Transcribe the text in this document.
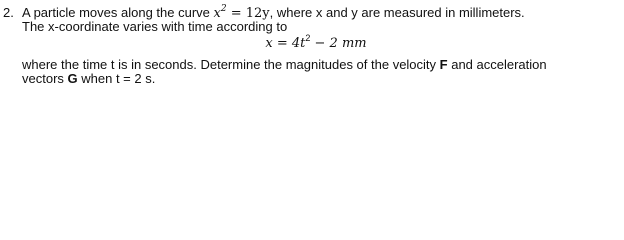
2. A particle moves along the curve $x^2 = 12y$, where x and y are measured in millimeters.
The x-coordinate varies with time according to
$x = 4t^2 - 2$ mm
where the time t is in seconds. Determine the magnitudes of the velocity F and acceleration
vectors G when t = 2 s.
